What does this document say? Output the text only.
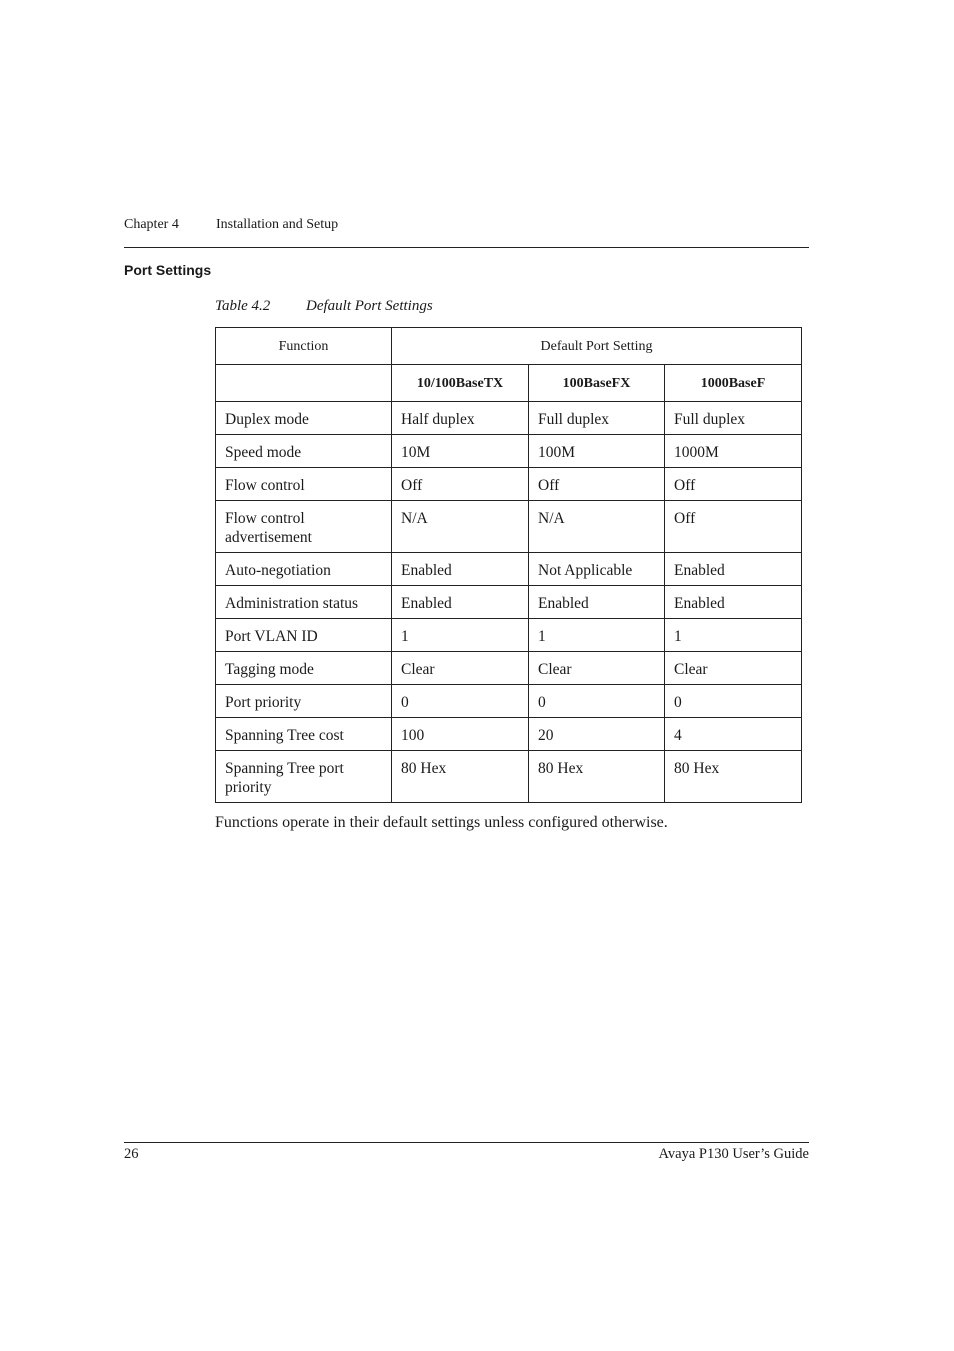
Chapter 4	Installation and Setup
Port Settings
Table 4.2 Default Port Settings
Function	Default Port Setting		
	10/100BaseTX	100BaseFX	1000BaseF
Duplex mode	Half duplex	Full duplex	Full duplex
Speed mode	10M	100M	1000M
Flow control	Off	Off	Off
Flow control advertisement	N/A	N/A	Off
Auto-negotiation	Enabled	Not Applicable	Enabled
Administration status	Enabled	Enabled	Enabled
Port VLAN ID	1	1	1
Tagging mode	Clear	Clear	Clear
Port priority	0	0	0
Spanning Tree cost	100	20	4
Spanning Tree port priority	80 Hex	80 Hex	80 Hex
Functions operate in their default settings unless configured otherwise.
26	Avaya P130 User’s Guide
